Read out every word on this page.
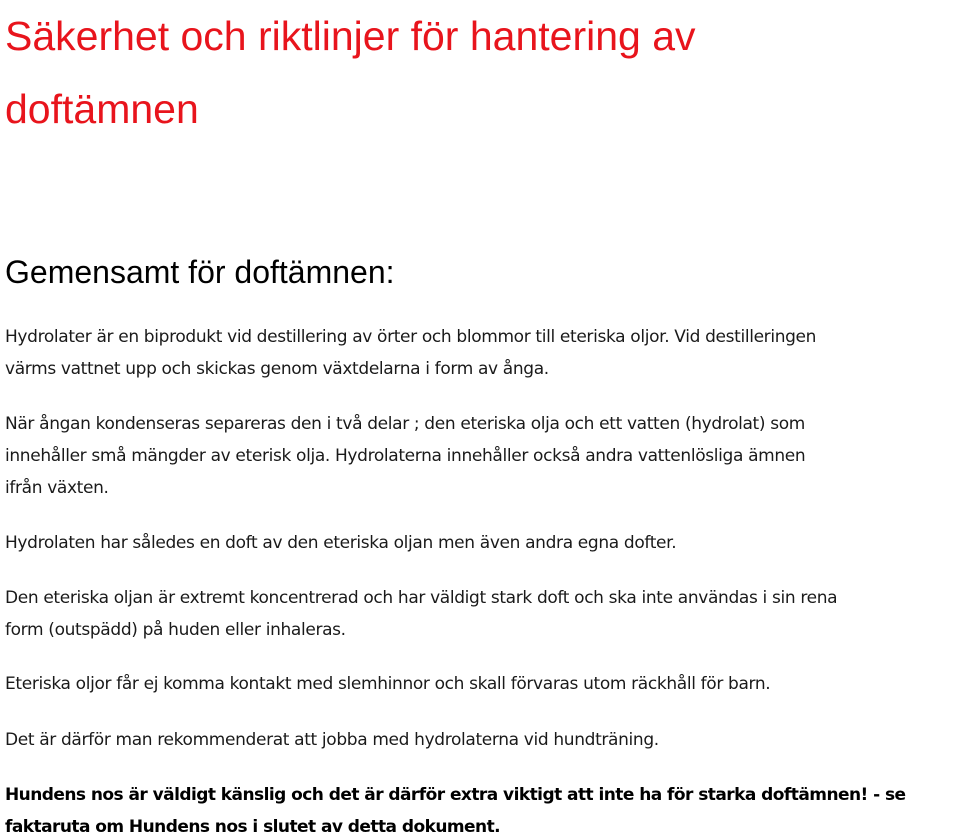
Säkerhet och riktlinjer för hantering av
doftämnen
Gemensamt för doftämnen:

Hydrolater är en biprodukt vid destillering av örter och blommor till eteriska oljor. Vid destilleringen
värms vattnet upp och skickas genom växtdelarna i form av ånga.

När ångan kondenseras separeras den i två delar ; den eteriska olja och ett vatten (hydrolat) som
innehåller små mängder av eterisk olja. Hydrolaterna innehåller också andra vattenlösliga ämnen
ifrån växten.

Hydrolaten har således en doft av den eteriska oljan men även andra egna dofter.

Den eteriska oljan är extremt koncentrerad och har väldigt stark doft och ska inte användas i sin rena
form (outspädd) på huden eller inhaleras.

Eteriska oljor får ej komma kontakt med slemhinnor och skall förvaras utom räckhåll för barn.

Det är därför man rekommenderat att jobba med hydrolaterna vid hundträning.

Hundens nos är väldigt känslig och det är därför extra viktigt att inte ha för starka doftämnen! - se
faktaruta om Hundens nos i slutet av detta dokument.
